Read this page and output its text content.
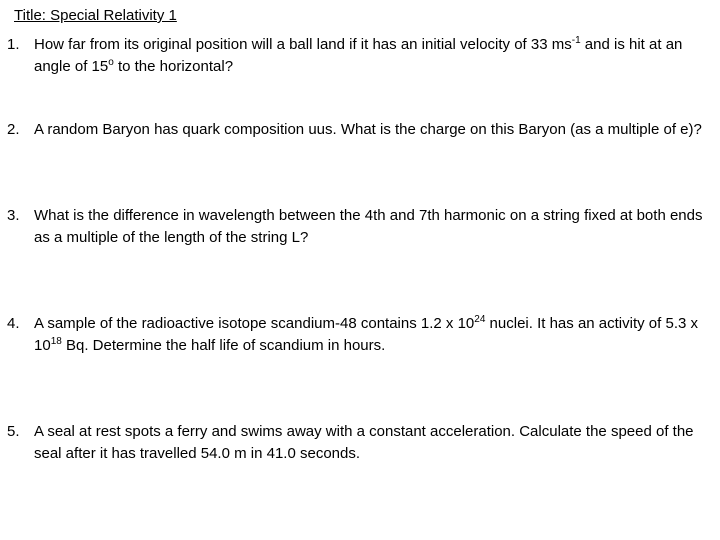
Title: Special Relativity 1
1. How far from its original position will a ball land if it has an initial velocity of 33 $ms^{-1}$ and is hit at an angle of 15$^o$ to the horizontal?
2. A random Baryon has quark composition uus. What is the charge on this Baryon (as a multiple of e)?
3. What is the difference in wavelength between the 4th and 7th harmonic on a string fixed at both ends as a multiple of the length of the string L?
4. A sample of the radioactive isotope scandium-48 contains 1.2 x $10^{24}$ nuclei. It has an activity of 5.3 x $10^{18}$ Bq. Determine the half life of scandium in hours.
5. A seal at rest spots a ferry and swims away with a constant acceleration. Calculate the speed of the seal after it has travelled 54.0 m in 41.0 seconds.
